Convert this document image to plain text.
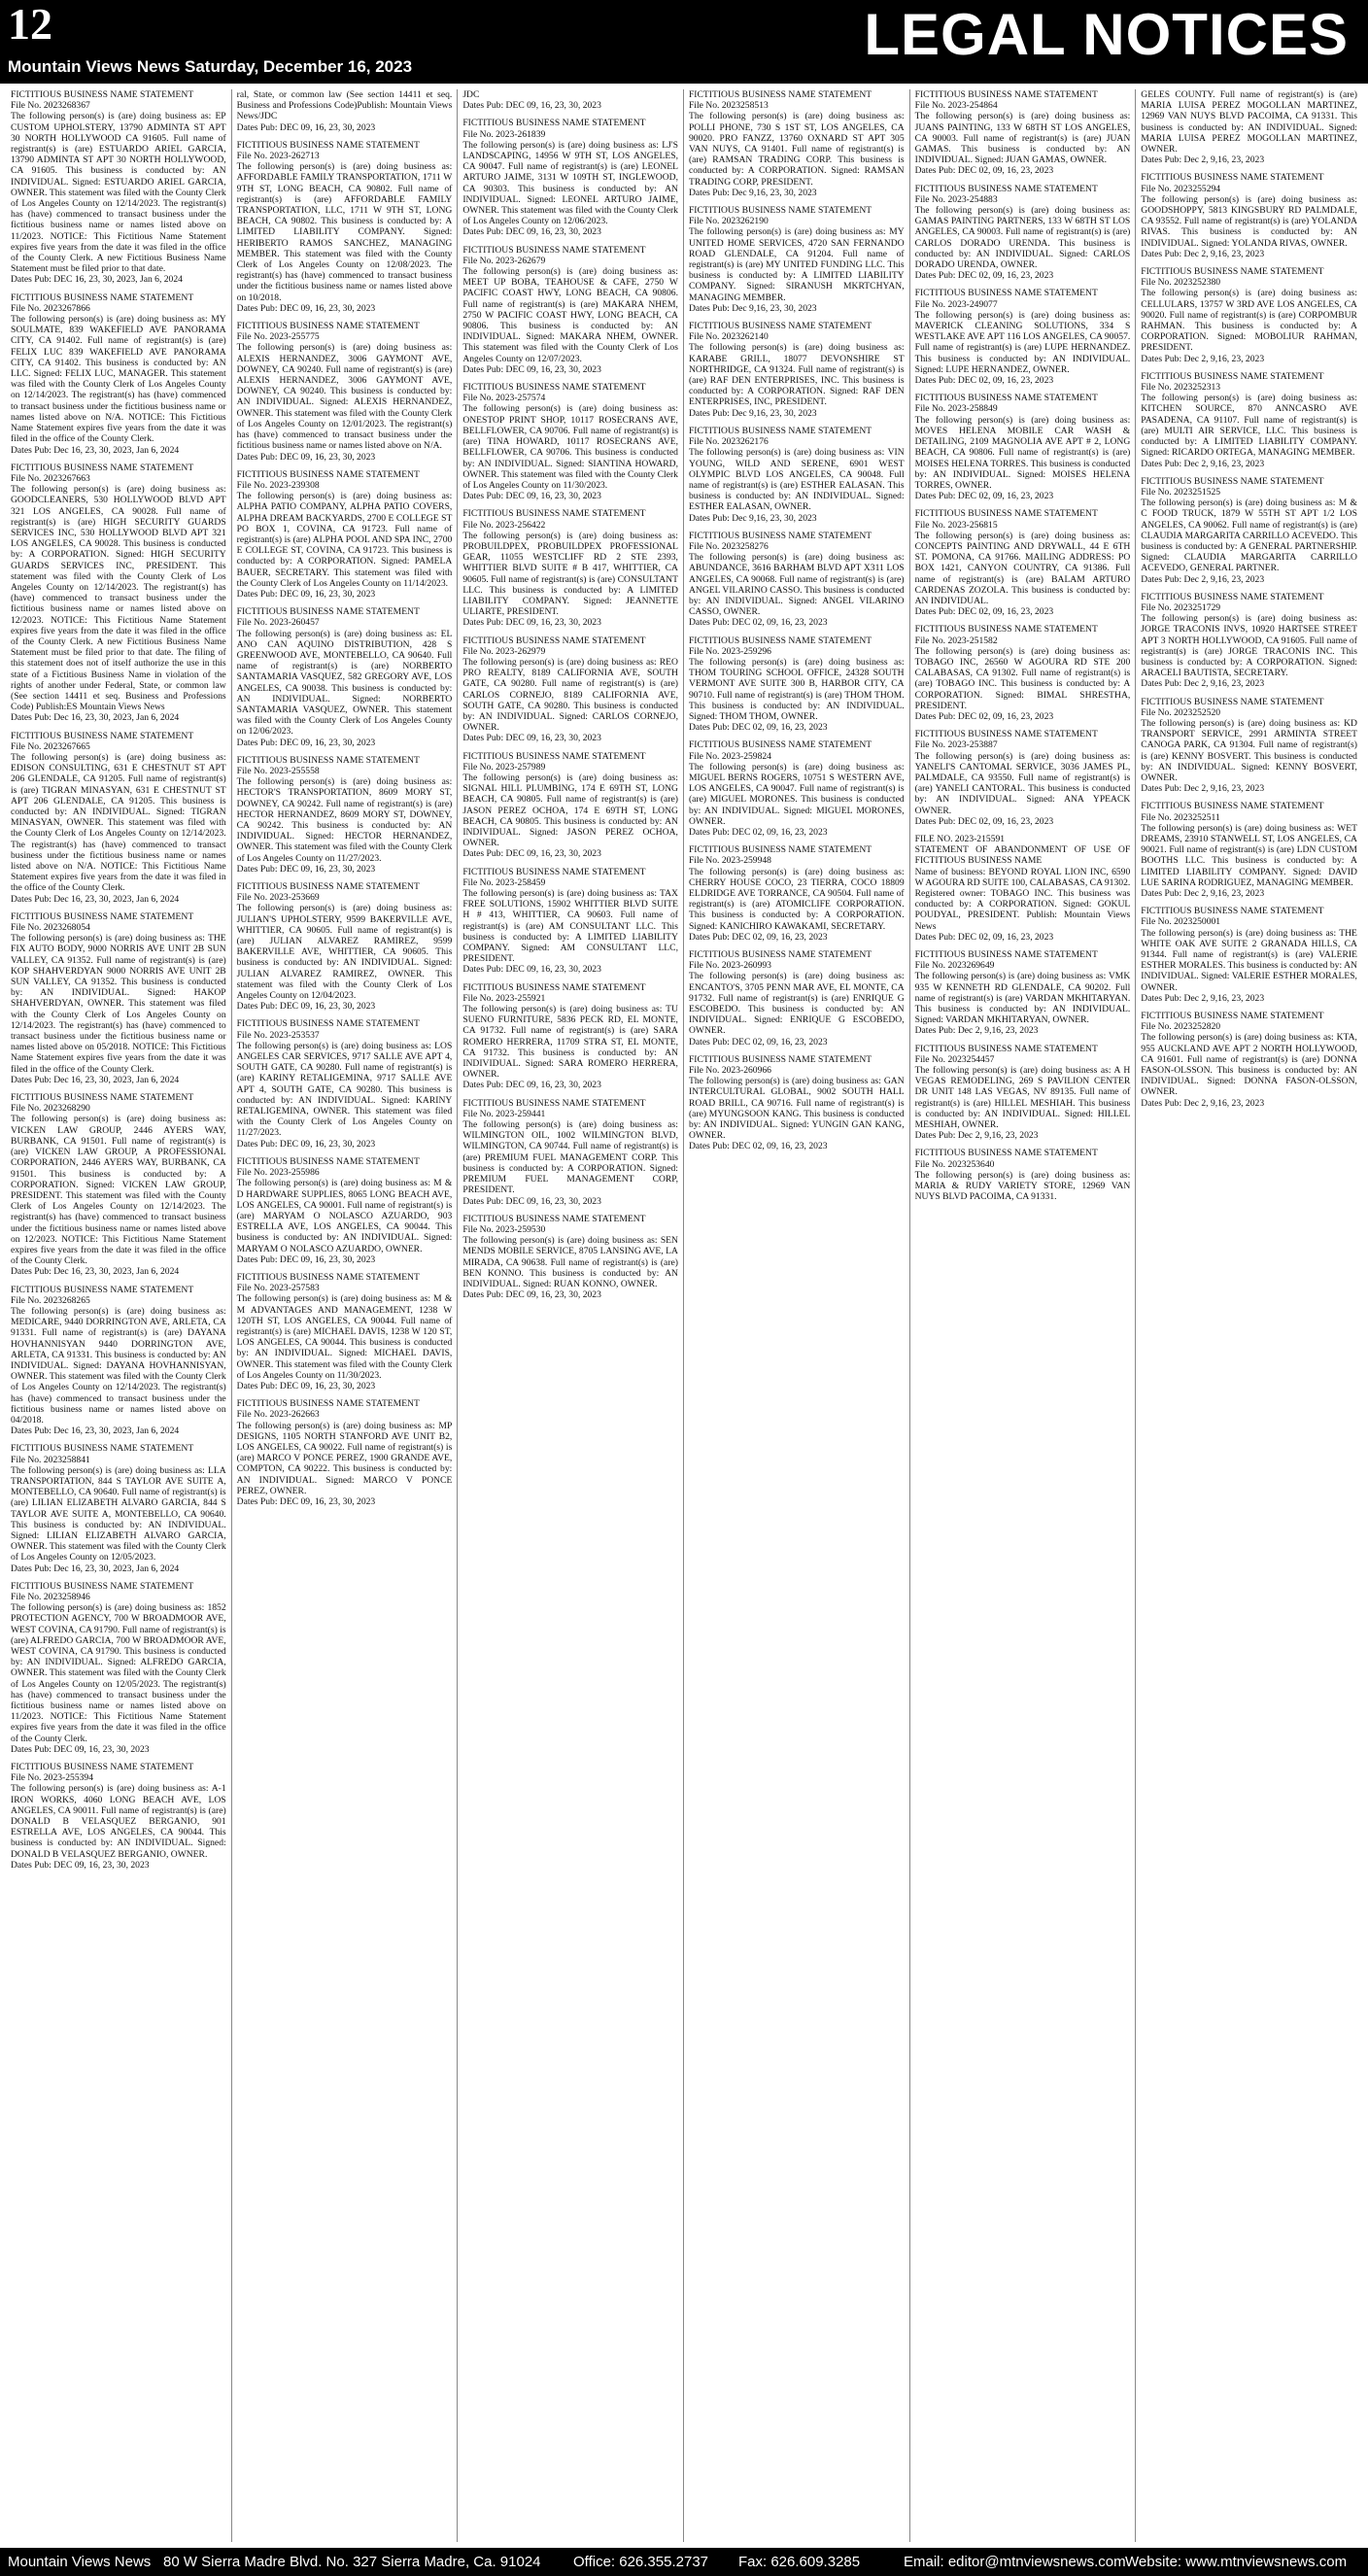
12	LEGAL NOTICES
Mountain Views News Saturday, December 16, 2023
FICTITIOUS BUSINESS NAME STATEMENT
File No. 2023268367
The following person(s) is (are) doing business as: EP CUSTOM UPHOLSTERY, 13790 ADMINTA ST APT 30 NORTH HOLLYWOOD CA 91605. Full name of registrant(s) is (are) ESTUARDO ARIEL GARCIA, 13790 ADMINTA ST APT 30 NORTH HOLLYWOOD, CA 91605. This business is conducted by: AN INDIVIDUAL. Signed: ESTUARDO ARIEL GARCIA, OWNER. This statement was filed with the County Clerk of Los Angeles County on 12/14/2023. The registrant(s) has (have) commenced to transact business under the fictitious business name or names listed above on 11/2023. NOTICE: This Fictitious Name Statement expires five years from the date it was filed in the office of the County Clerk. A new Fictitious Business Name Statement must be filed prior to that date.
Dates Pub: DEC 16, 23, 30, 2023, Jan 6, 2024
FICTITIOUS BUSINESS NAME STATEMENT
File No. 2023267866
The following person(s) is (are) doing business as: MY SOULMATE, 839 WAKEFIELD AVE PANORAMA CITY, CA 91402. Full name of registrant(s) is (are) FELIX LUC 839 WAKEFIELD AVE PANORAMA CITY, CA 91402. This business is conducted by: AN LLC. Signed: FELIX LUC, MANAGER. This statement was filed with the County Clerk of Los Angeles County on 12/14/2023. The registrant(s) has (have) commenced to transact business under the fictitious business name or names listed above on N/A. NOTICE: This Fictitious Name Statement expires five years from the date it was filed in the office of the County Clerk.
Dates Pub: Dec 16, 23, 30, 2023, Jan 6, 2024
FICTITIOUS BUSINESS NAME STATEMENT
File No. 2023267663
The following person(s) is (are) doing business as: GOODCLEANERS, 530 HOLLYWOOD BLVD APT 321 LOS ANGELES, CA 90028. Full name of registrant(s) is (are) HIGH SECURITY GUARDS SERVICES INC, 530 HOLLYWOOD BLVD APT 321 LOS ANGELES, CA 90028. This business is conducted by: A CORPORATION. Signed: HIGH SECURITY GUARDS SERVICES INC, PRESIDENT. This statement was filed with the County Clerk of Los Angeles County on 12/14/2023. The registrant(s) has (have) commenced to transact business under the fictitious business name or names listed above on 12/2023. NOTICE: This Fictitious Name Statement expires five years from the date it was filed in the office of the County Clerk. A new Fictitious Business Name Statement must be filed prior to that date. The filing of this statement does not of itself authorize the use in this state of a Fictitious Business Name in violation of the rights of another under Federal, State, or common law (See section 14411 et seq. Business and Professions Code) Publish:ES Mountain Views News
Dates Pub: Dec 16, 23, 30, 2023, Jan 6, 2024
FICTITIOUS BUSINESS NAME STATEMENT
File No. 2023267665
The following person(s) is (are) doing business as: EDISON CONSULTING, 631 E CHESTNUT ST APT 206 GLENDALE, CA 91205. Full name of registrant(s) is (are) TIGRAN MINASYAN, 631 E CHESTNUT ST APT 206 GLENDALE, CA 91205. This business is conducted by: AN INDIVIDUAL. Signed: TIGRAN MINASYAN, OWNER. This statement was filed with the County Clerk of Los Angeles County on 12/14/2023. The registrant(s) has (have) commenced to transact business under the fictitious business name or names listed above on N/A. NOTICE: This Fictitious Name Statement expires five years from the date it was filed in the office of the County Clerk.
Dates Pub: Dec 16, 23, 30, 2023, Jan 6, 2024
FICTITIOUS BUSINESS NAME STATEMENT
File No. 2023268054
The following person(s) is (are) doing business as: THE FIX AUTO BODY, 9000 NORRIS AVE UNIT 2B SUN VALLEY, CA 91352. Full name of registrant(s) is (are) KOP SHAHVERDYAN 9000 NORRIS AVE UNIT 2B SUN VALLEY, CA 91352. This business is conducted by: AN INDIVIDUAL. Signed: HAKOP SHAHVERDYAN, OWNER. This statement was filed with the County Clerk of Los Angeles County on 12/14/2023. The registrant(s) has (have) commenced to transact business under the fictitious business name or names listed above on 05/2018. NOTICE: This Fictitious Name Statement expires five years from the date it was filed in the office of the County Clerk.
Dates Pub: Dec 16, 23, 30, 2023, Jan 6, 2024
FICTITIOUS BUSINESS NAME STATEMENT
File No. 2023268290
The following person(s) is (are) doing business as: VICKEN LAW GROUP, 2446 AYERS WAY, BURBANK, CA 91501. Full name of registrant(s) is (are) VICKEN LAW GROUP, A PROFESSIONAL CORPORATION, 2446 AYERS WAY, BURBANK, CA 91501. This business is conducted by: A CORPORATION. Signed: VICKEN LAW GROUP, PRESIDENT. This statement was filed with the County Clerk of Los Angeles County on 12/14/2023. The registrant(s) has (have) commenced to transact business under the fictitious business name or names listed above on 12/2023. NOTICE: This Fictitious Name Statement expires five years from the date it was filed in the office of the County Clerk.
Dates Pub: Dec 16, 23, 30, 2023, Jan 6, 2024
FICTITIOUS BUSINESS NAME STATEMENT
File No. 2023268265
The following person(s) is (are) doing business as: MEDICARE, 9440 DORRINGTON AVE, ARLETA, CA 91331. Full name of registrant(s) is (are) DAYANA HOVHANNISYAN 9440 DORRINGTON AVE, ARLETA, CA 91331. This business is conducted by: AN INDIVIDUAL. Signed: DAYANA HOVHANNISYAN, OWNER. This statement was filed with the County Clerk of Los Angeles County on 12/14/2023. The registrant(s) has (have) commenced to transact business under the fictitious business name or names listed above on 04/2018.
Dates Pub: Dec 16, 23, 30, 2023, Jan 6, 2024
FICTITIOUS BUSINESS NAME STATEMENT
File No. 2023258841
The following person(s) is (are) doing business as: LLA TRANSPORTATION, 844 S TAYLOR AVE SUITE A, MONTEBELLO, CA 90640. Full name of registrant(s) is (are) LILIAN ELIZABETH ALVARO GARCIA, 844 S TAYLOR AVE SUITE A, MONTEBELLO, CA 90640. This business is conducted by: AN INDIVIDUAL. Signed: LILIAN ELIZABETH ALVARO GARCIA, OWNER. This statement was filed with the County Clerk of Los Angeles County on 12/05/2023.
Dates Pub: Dec 16, 23, 30, 2023, Jan 6, 2024
FICTITIOUS BUSINESS NAME STATEMENT
File No. 2023258946
The following person(s) is (are) doing business as: 1852 PROTECTION AGENCY, 700 W BROADMOOR AVE, WEST COVINA, CA 91790. Full name of registrant(s) is (are) ALFREDO GARCIA, 700 W BROADMOOR AVE, WEST COVINA, CA 91790. This business is conducted by: AN INDIVIDUAL. Signed: ALFREDO GARCIA, OWNER. This statement was filed with the County Clerk of Los Angeles County on 12/05/2023. The registrant(s) has (have) commenced to transact business under the fictitious business name or names listed above on 11/2023. NOTICE: This Fictitious Name Statement expires five years from the date it was filed in the office of the County Clerk.
Dates Pub: DEC 09, 16, 23, 30, 2023
FICTITIOUS BUSINESS NAME STATEMENT
File No. 2023-255394
The following person(s) is (are) doing business as: A-1 IRON WORKS, 4060 LONG BEACH AVE, LOS ANGELES, CA 90011. Full name of registrant(s) is (are) DONALD B VELASQUEZ BERGANIO, 901 ESTRELLA AVE, LOS ANGELES, CA 90044. This business is conducted by: AN INDIVIDUAL. Signed: DONALD B VELASQUEZ BERGANIO, OWNER.
Dates Pub: DEC 09, 16, 23, 30, 2023
ral, State, or common law (See section 14411 et seq. Business and Professions Code)Publish: Mountain Views News/JDC
Dates Pub: DEC 09, 16, 23, 30, 2023
FICTITIOUS BUSINESS NAME STATEMENT
File No. 2023-262713
The following person(s) is (are) doing business as: AFFORDABLE FAMILY TRANSPORTATION, 1711 W 9TH ST, LONG BEACH, CA 90802. Full name of registrant(s) is (are) AFFORDABLE FAMILY TRANSPORTATION, LLC, 1711 W 9TH ST, LONG BEACH, CA 90802. This business is conducted by: A LIMITED LIABILITY COMPANY. Signed: HERIBERTO RAMOS SANCHEZ, MANAGING MEMBER. This statement was filed with the County Clerk of Los Angeles County on 12/08/2023. The registrant(s) has (have) commenced to transact business under the fictitious business name or names listed above on 10/2018.
Dates Pub: DEC 09, 16, 23, 30, 2023
FICTITIOUS BUSINESS NAME STATEMENT
File No. 2023-255775
The following person(s) is (are) doing business as: ALEXIS HERNANDEZ, 3006 GAYMONT AVE, DOWNEY, CA 90240. Full name of registrant(s) is (are) ALEXIS HERNANDEZ, 3006 GAYMONT AVE, DOWNEY, CA 90240. This business is conducted by: AN INDIVIDUAL. Signed: ALEXIS HERNANDEZ, OWNER. This statement was filed with the County Clerk of Los Angeles County on 12/01/2023. The registrant(s) has (have) commenced to transact business under the fictitious business name or names listed above on N/A.
Dates Pub: DEC 09, 16, 23, 30, 2023
FICTITIOUS BUSINESS NAME STATEMENT
File No. 2023-239308
The following person(s) is (are) doing business as: ALPHA PATIO COMPANY, ALPHA PATIO COVERS, ALPHA DREAM BACKYARDS, 2700 E COLLEGE ST PO BOX 1, COVINA, CA 91723. Full name of registrant(s) is (are) ALPHA POOL AND SPA INC, 2700 E COLLEGE ST, COVINA, CA 91723. This business is conducted by: A CORPORATION. Signed: PAMELA BAUER, SECRETARY. This statement was filed with the County Clerk of Los Angeles County on 11/14/2023.
Dates Pub: DEC 09, 16, 23, 30, 2023
FICTITIOUS BUSINESS NAME STATEMENT
File No. 2023-260457
The following person(s) is (are) doing business as: EL ANO CAN AQUINO DISTRIBUTION, 428 S GREENWOOD AVE, MONTEBELLO, CA 90640. Full name of registrant(s) is (are) NORBERTO SANTAMARIA VASQUEZ, 582 GREGORY AVE, LOS ANGELES, CA 90038. This business is conducted by: AN INDIVIDUAL. Signed: NORBERTO SANTAMARIA VASQUEZ, OWNER. This statement was filed with the County Clerk of Los Angeles County on 12/06/2023.
Dates Pub: DEC 09, 16, 23, 30, 2023
FICTITIOUS BUSINESS NAME STATEMENT
File No. 2023-255558
The following person(s) is (are) doing business as: HECTOR'S TRANSPORTATION, 8609 MORY ST, DOWNEY, CA 90242. Full name of registrant(s) is (are) HECTOR HERNANDEZ, 8609 MORY ST, DOWNEY, CA 90242. This business is conducted by: AN INDIVIDUAL. Signed: HECTOR HERNANDEZ, OWNER. This statement was filed with the County Clerk of Los Angeles County on 11/27/2023.
Dates Pub: DEC 09, 16, 23, 30, 2023
FICTITIOUS BUSINESS NAME STATEMENT
File No. 2023-253669
The following person(s) is (are) doing business as: JULIAN'S UPHOLSTERY, 9599 BAKERVILLE AVE, WHITTIER, CA 90605. Full name of registrant(s) is (are) JULIAN ALVAREZ RAMIREZ, 9599 BAKERVILLE AVE, WHITTIER, CA 90605. This business is conducted by: AN INDIVIDUAL. Signed: JULIAN ALVAREZ RAMIREZ, OWNER. This statement was filed with the County Clerk of Los Angeles County on 12/04/2023.
Dates Pub: DEC 09, 16, 23, 30, 2023
FICTITIOUS BUSINESS NAME STATEMENT
File No. 2023-253537
The following person(s) is (are) doing business as: LOS ANGELES CAR SERVICES, 9717 SALLE AVE APT 4, SOUTH GATE, CA 90280. Full name of registrant(s) is (are) KARINY RETALIGEMINA, 9717 SALLE AVE APT 4, SOUTH GATE, CA 90280. This business is conducted by: AN INDIVIDUAL. Signed: KARINY RETALIGEMINA, OWNER. This statement was filed with the County Clerk of Los Angeles County on 11/27/2023.
Dates Pub: DEC 09, 16, 23, 30, 2023
FICTITIOUS BUSINESS NAME STATEMENT
File No. 2023-255986
The following person(s) is (are) doing business as: M & D HARDWARE SUPPLIES, 8065 LONG BEACH AVE, LOS ANGELES, CA 90001. Full name of registrant(s) is (are) MARYAM O NOLASCO AZUARDO, 903 ESTRELLA AVE, LOS ANGELES, CA 90044. This business is conducted by: AN INDIVIDUAL. Signed: MARYAM O NOLASCO AZUARDO, OWNER.
Dates Pub: DEC 09, 16, 23, 30, 2023
FICTITIOUS BUSINESS NAME STATEMENT
File No. 2023-257583
The following person(s) is (are) doing business as: M & M ADVANTAGES AND MANAGEMENT, 1238 W 120TH ST, LOS ANGELES, CA 90044. Full name of registrant(s) is (are) MICHAEL DAVIS, 1238 W 120 ST, LOS ANGELES, CA 90044. This business is conducted by: AN INDIVIDUAL. Signed: MICHAEL DAVIS, OWNER. This statement was filed with the County Clerk of Los Angeles County on 11/30/2023.
Dates Pub: DEC 09, 16, 23, 30, 2023
FICTITIOUS BUSINESS NAME STATEMENT
File No. 2023-262663
The following person(s) is (are) doing business as: MP DESIGNS, 1105 NORTH STANFORD AVE UNIT B2, LOS ANGELES, CA 90022. Full name of registrant(s) is (are) MARCO V PONCE PEREZ, 1900 GRANDE AVE, COMPTON, CA 90222. This business is conducted by: AN INDIVIDUAL. Signed: MARCO V PONCE PEREZ, OWNER.
Dates Pub: DEC 09, 16, 23, 30, 2023
JDC
Dates Pub: DEC 09, 16, 23, 30, 2023
FICTITIOUS BUSINESS NAME STATEMENT
File No. 2023-261839
The following person(s) is (are) doing business as: LJ'S LANDSCAPING, 14956 W 9TH ST, LOS ANGELES, CA 90047. Full name of registrant(s) is (are) LEONEL ARTURO JAIME, 3131 W 109TH ST, INGLEWOOD, CA 90303. This business is conducted by: AN INDIVIDUAL. Signed: LEONEL ARTURO JAIME, OWNER. This statement was filed with the County Clerk of Los Angeles County on 12/06/2023.
Dates Pub: DEC 09, 16, 23, 30, 2023
FICTITIOUS BUSINESS NAME STATEMENT
File No. 2023-262679
The following person(s) is (are) doing business as: MEET UP BOBA, TEAHOUSE & CAFE, 2750 W PACIFIC COAST HWY, LONG BEACH, CA 90806. Full name of registrant(s) is (are) MAKARA NHEM, 2750 W PACIFIC COAST HWY, LONG BEACH, CA 90806. This business is conducted by: AN INDIVIDUAL. Signed: MAKARA NHEM, OWNER. This statement was filed with the County Clerk of Los Angeles County on 12/07/2023.
Dates Pub: DEC 09, 16, 23, 30, 2023
FICTITIOUS BUSINESS NAME STATEMENT
File No. 2023-257574
The following person(s) is (are) doing business as: ONESTOP PRINT SHOP, 10117 ROSECRANS AVE, BELLFLOWER, CA 90706. Full name of registrant(s) is (are) TINA HOWARD, 10117 ROSECRANS AVE, BELLFLOWER, CA 90706. This business is conducted by: AN INDIVIDUAL. Signed: SIANTINA HOWARD, OWNER. This statement was filed with the County Clerk of Los Angeles County on 11/30/2023.
Dates Pub: DEC 09, 16, 23, 30, 2023
FICTITIOUS BUSINESS NAME STATEMENT
File No. 2023-256422
The following person(s) is (are) doing business as: PROBUILDPEX, PROBUILDPEX PROFESSIONAL GEAR, 11055 WESTCLIFF RD 2 STE 2393, WHITTIER BLVD SUITE # B 417, WHITTIER, CA 90605. Full name of registrant(s) is (are) CONSULTANT LLC. This business is conducted by: A LIMITED LIABILITY COMPANY. Signed: JEANNETTE ULIARTE, PRESIDENT.
Dates Pub: DEC 09, 16, 23, 30, 2023
FICTITIOUS BUSINESS NAME STATEMENT
File No. 2023-262979
The following person(s) is (are) doing business as: REO PRO REALTY, 8189 CALIFORNIA AVE, SOUTH GATE, CA 90280. Full name of registrant(s) is (are) CARLOS CORNEJO, 8189 CALIFORNIA AVE, SOUTH GATE, CA 90280. This business is conducted by: AN INDIVIDUAL. Signed: CARLOS CORNEJO, OWNER.
Dates Pub: DEC 09, 16, 23, 30, 2023
FICTITIOUS BUSINESS NAME STATEMENT
File No. 2023-257989
The following person(s) is (are) doing business as: SIGNAL HILL PLUMBING, 174 E 69TH ST, LONG BEACH, CA 90805. Full name of registrant(s) is (are) JASON PEREZ OCHOA, 174 E 69TH ST, LONG BEACH, CA 90805. This business is conducted by: AN INDIVIDUAL. Signed: JASON PEREZ OCHOA, OWNER.
Dates Pub: DEC 09, 16, 23, 30, 2023
FICTITIOUS BUSINESS NAME STATEMENT
File No. 2023-258459
The following person(s) is (are) doing business as: TAX FREE SOLUTIONS, 15902 WHITTIER BLVD SUITE H # 413, WHITTIER, CA 90603. Full name of registrant(s) is (are) AM CONSULTANT LLC. This business is conducted by: A LIMITED LIABILITY COMPANY. Signed: AM CONSULTANT LLC, PRESIDENT.
Dates Pub: DEC 09, 16, 23, 30, 2023
FICTITIOUS BUSINESS NAME STATEMENT
File No. 2023-255921
The following person(s) is (are) doing business as: TU SUENO FURNITURE, 5836 PECK RD, EL MONTE, CA 91732. Full name of registrant(s) is (are) SARA ROMERO HERRERA, 11709 STRA ST, EL MONTE, CA 91732. This business is conducted by: AN INDIVIDUAL. Signed: SARA ROMERO HERRERA, OWNER.
Dates Pub: DEC 09, 16, 23, 30, 2023
FICTITIOUS BUSINESS NAME STATEMENT
File No. 2023-259441
The following person(s) is (are) doing business as: WILMINGTON OIL, 1002 WILMINGTON BLVD, WILMINGTON, CA 90744. Full name of registrant(s) is (are) PREMIUM FUEL MANAGEMENT CORP. This business is conducted by: A CORPORATION. Signed: PREMIUM FUEL MANAGEMENT CORP, PRESIDENT.
Dates Pub: DEC 09, 16, 23, 30, 2023
FICTITIOUS BUSINESS NAME STATEMENT
File No. 2023-259530
The following person(s) is (are) doing business as: SEN MENDS MOBILE SERVICE, 8705 LANSING AVE, LA MIRADA, CA 90638. Full name of registrant(s) is (are) BEN KONNO. This business is conducted by: AN INDIVIDUAL. Signed: RUAN KONNO, OWNER.
Dates Pub: DEC 09, 16, 23, 30, 2023
FICTITIOUS BUSINESS NAME STATEMENT
File No. 2023258513
The following person(s) is (are) doing business as: POLLI PHONE, 730 S 1ST ST, LOS ANGELES, CA 90020. PRO FANZZ, 13760 OXNARD ST APT 305 VAN NUYS, CA 91401. Full name of registrant(s) is (are) RAMSAN TRADING CORP. This business is conducted by: A CORPORATION. Signed: RAMSAN TRADING CORP, PRESIDENT.
Dates Pub: Dec 9,16, 23, 30, 2023
FICTITIOUS BUSINESS NAME STATEMENT
File No. 2023262190
The following person(s) is (are) doing business as: MY UNITED HOME SERVICES, 4720 SAN FERNANDO ROAD GLENDALE, CA 91204. Full name of registrant(s) is (are) MY UNITED FUNDING LLC. This business is conducted by: A LIMITED LIABILITY COMPANY. Signed: SIRANUSH MKRTCHYAN, MANAGING MEMBER.
Dates Pub: Dec 9,16, 23, 30, 2023
FICTITIOUS BUSINESS NAME STATEMENT
File No. 2023262140
The following person(s) is (are) doing business as: KARABE GRILL, 18077 DEVONSHIRE ST NORTHRIDGE, CA 91324. Full name of registrant(s) is (are) RAF DEN ENTERPRISES, INC. This business is conducted by: A CORPORATION. Signed: RAF DEN ENTERPRISES, INC, PRESIDENT.
Dates Pub: Dec 9,16, 23, 30, 2023
FICTITIOUS BUSINESS NAME STATEMENT
File No. 2023262176
The following person(s) is (are) doing business as: VIN YOUNG, WILD AND SERENE, 6901 WEST OLYMPIC BLVD LOS ANGELES, CA 90048. Full name of registrant(s) is (are) ESTHER EALASAN. This business is conducted by: AN INDIVIDUAL. Signed: ESTHER EALASAN, OWNER.
Dates Pub: Dec 9,16, 23, 30, 2023
FICTITIOUS BUSINESS NAME STATEMENT
File No. 2023258276
The following person(s) is (are) doing business as: ABUNDANCE, 3616 BARHAM BLVD APT X311 LOS ANGELES, CA 90068. Full name of registrant(s) is (are) ANGEL VILARINO CASSO. This business is conducted by: AN INDIVIDUAL. Signed: ANGEL VILARINO CASSO, OWNER.
Dates Pub: DEC 02, 09, 16, 23, 2023
FICTITIOUS BUSINESS NAME STATEMENT
File No. 2023-259296
The following person(s) is (are) doing business as: THOM TOURING SCHOOL OFFICE, 24328 SOUTH VERMONT AVE SUITE 300 B, HARBOR CITY, CA 90710. Full name of registrant(s) is (are) THOM THOM. This business is conducted by: AN INDIVIDUAL. Signed: THOM THOM, OWNER.
Dates Pub: DEC 02, 09, 16, 23, 2023
FICTITIOUS BUSINESS NAME STATEMENT
File No. 2023-259824
The following person(s) is (are) doing business as: MIGUEL BERNS ROGERS, 10751 S WESTERN AVE, LOS ANGELES, CA 90047. Full name of registrant(s) is (are) MIGUEL MORONES. This business is conducted by: AN INDIVIDUAL. Signed: MIGUEL MORONES, OWNER.
Dates Pub: DEC 02, 09, 16, 23, 2023
FICTITIOUS BUSINESS NAME STATEMENT
File No. 2023-259948
The following person(s) is (are) doing business as: CHERRY HOUSE COCO, 23 TIERRA, COCO 18809 ELDRIDGE AVE TORRANCE, CA 90504. Full name of registrant(s) is (are) ATOMICLIFE CORPORATION. This business is conducted by: A CORPORATION. Signed: KANICHIRO KAWAKAMI, SECRETARY.
Dates Pub: DEC 02, 09, 16, 23, 2023
FICTITIOUS BUSINESS NAME STATEMENT
File No. 2023-260993
The following person(s) is (are) doing business as: ENCANTO'S, 3705 PENN MAR AVE, EL MONTE, CA 91732. Full name of registrant(s) is (are) ENRIQUE G ESCOBEDO. This business is conducted by: AN INDIVIDUAL. Signed: ENRIQUE G ESCOBEDO, OWNER.
Dates Pub: DEC 02, 09, 16, 23, 2023
FICTITIOUS BUSINESS NAME STATEMENT
File No. 2023-260966
The following person(s) is (are) doing business as: GAN INTERCULTURAL GLOBAL, 9002 SOUTH HALL ROAD BRILL, CA 90716. Full name of registrant(s) is (are) MYUNGSOON KANG. This business is conducted by: AN INDIVIDUAL. Signed: YUNGIN GAN KANG, OWNER.
Dates Pub: DEC 02, 09, 16, 23, 2023
FICTITIOUS BUSINESS NAME STATEMENT
File No. 2023-254864
The following person(s) is (are) doing business as: JUANS PAINTING, 133 W 68TH ST LOS ANGELES, CA 90003. Full name of registrant(s) is (are) JUAN GAMAS. This business is conducted by: AN INDIVIDUAL. Signed: JUAN GAMAS, OWNER.
Dates Pub: DEC 02, 09, 16, 23, 2023
FICTITIOUS BUSINESS NAME STATEMENT
File No. 2023-254883
The following person(s) is (are) doing business as: GAMAS PAINTING PARTNERS, 133 W 68TH ST LOS ANGELES, CA 90003. Full name of registrant(s) is (are) CARLOS DORADO URENDA. This business is conducted by: AN INDIVIDUAL. Signed: CARLOS DORADO URENDA, OWNER.
Dates Pub: DEC 02, 09, 16, 23, 2023
FICTITIOUS BUSINESS NAME STATEMENT
File No. 2023-249077
The following person(s) is (are) doing business as: MAVERICK CLEANING SOLUTIONS, 334 S WESTLAKE AVE APT 116 LOS ANGELES, CA 90057. Full name of registrant(s) is (are) LUPE HERNANDEZ. This business is conducted by: AN INDIVIDUAL. Signed: LUPE HERNANDEZ, OWNER.
Dates Pub: DEC 02, 09, 16, 23, 2023
FICTITIOUS BUSINESS NAME STATEMENT
File No. 2023-258849
The following person(s) is (are) doing business as: MOVES HELENA MOBILE CAR WASH & DETAILING, 2109 MAGNOLIA AVE APT # 2, LONG BEACH, CA 90806. Full name of registrant(s) is (are) MOISES HELENA TORRES. This business is conducted by: AN INDIVIDUAL. Signed: MOISES HELENA TORRES, OWNER.
Dates Pub: DEC 02, 09, 16, 23, 2023
FICTITIOUS BUSINESS NAME STATEMENT
File No. 2023-256815
The following person(s) is (are) doing business as: CONCEPTS PAINTING AND DRYWALL, 44 E 6TH ST. POMONA, CA 91766. MAILING ADDRESS: PO BOX 1421, CANYON COUNTRY, CA 91386. Full name of registrant(s) is (are) BALAM ARTURO CARDENAS ZOZOLA. This business is conducted by: AN INDIVIDUAL.
Dates Pub: DEC 02, 09, 16, 23, 2023
FICTITIOUS BUSINESS NAME STATEMENT
File No. 2023-251582
The following person(s) is (are) doing business as: TOBAGO INC, 26560 W AGOURA RD STE 200 CALABASAS, CA 91302. Full name of registrant(s) is (are) TOBAGO INC. This business is conducted by: A CORPORATION. Signed: BIMAL SHRESTHA, PRESIDENT.
Dates Pub: DEC 02, 09, 16, 23, 2023
FICTITIOUS BUSINESS NAME STATEMENT
File No. 2023-253887
The following person(s) is (are) doing business as: YANELI'S CANTOMAL SERVICE, 3036 JAMES PL, PALMDALE, CA 93550. Full name of registrant(s) is (are) YANELI CANTORAL. This business is conducted by: AN INDIVIDUAL. Signed: ANA YPEACK OWNER.
Dates Pub: DEC 02, 09, 16, 23, 2023
FILE NO. 2023-215591
STATEMENT OF ABANDONMENT OF USE OF FICTITIOUS BUSINESS NAME
Name of business: BEYOND ROYAL LION INC, 6590 W AGOURA RD SUITE 100, CALABASAS, CA 91302. Registered owner: TOBAGO INC. This business was conducted by: A CORPORATION. Signed: GOKUL POUDYAL, PRESIDENT. Publish: Mountain Views News
Dates Pub: DEC 02, 09, 16, 23, 2023
FICTITIOUS BUSINESS NAME STATEMENT
File No. 2023269649
The following person(s) is (are) doing business as: VMK 935 W KENNETH RD GLENDALE, CA 90202. Full name of registrant(s) is (are) VARDAN MKHITARYAN. This business is conducted by: AN INDIVIDUAL. Signed: VARDAN MKHITARYAN, OWNER.
Dates Pub: Dec 2, 9,16, 23, 2023
FICTITIOUS BUSINESS NAME STATEMENT
File No. 2023254457
The following person(s) is (are) doing business as: A H VEGAS REMODELING, 269 S PAVILION CENTER DR UNIT 148 LAS VEGAS, NV 89135. Full name of registrant(s) is (are) HILLEL MESHIAH. This business is conducted by: AN INDIVIDUAL. Signed: HILLEL MESHIAH, OWNER.
Dates Pub: Dec 2, 9,16, 23, 2023
FICTITIOUS BUSINESS NAME STATEMENT
File No. 2023253640
The following person(s) is (are) doing business as: MARIA & RUDY VARIETY STORE, 12969 VAN NUYS BLVD PACOIMA, CA 91331.
GELES COUNTY. Full name of registrant(s) is (are) MARIA LUISA PEREZ MOGOLLAN MARTINEZ, 12969 VAN NUYS BLVD PACOIMA, CA 91331. This business is conducted by: AN INDIVIDUAL. Signed: MARIA LUISA PEREZ MOGOLLAN MARTINEZ, OWNER.
Dates Pub: Dec 2, 9,16, 23, 2023
FICTITIOUS BUSINESS NAME STATEMENT
File No. 2023255294
The following person(s) is (are) doing business as: GOODSHOPPY, 5813 KINGSBURY RD PALMDALE, CA 93552. Full name of registrant(s) is (are) YOLANDA RIVAS. This business is conducted by: AN INDIVIDUAL. Signed: YOLANDA RIVAS, OWNER.
Dates Pub: Dec 2, 9,16, 23, 2023
FICTITIOUS BUSINESS NAME STATEMENT
File No. 2023252380
The following person(s) is (are) doing business as: CELLULARS, 13757 W 3RD AVE LOS ANGELES, CA 90020. Full name of registrant(s) is (are) CORPOMBUR RAHMAN. This business is conducted by: A CORPORATION. Signed: MOBOLIUR RAHMAN, PRESIDENT.
Dates Pub: Dec 2, 9,16, 23, 2023
FICTITIOUS BUSINESS NAME STATEMENT
File No. 2023252313
The following person(s) is (are) doing business as: KITCHEN SOURCE, 870 ANNCASRO AVE PASADENA, CA 91107. Full name of registrant(s) is (are) MULTI AIR SERVICE, LLC. This business is conducted by: A LIMITED LIABILITY COMPANY. Signed: RICARDO ORTEGA, MANAGING MEMBER.
Dates Pub: Dec 2, 9,16, 23, 2023
FICTITIOUS BUSINESS NAME STATEMENT
File No. 2023251525
The following person(s) is (are) doing business as: M & C FOOD TRUCK, 1879 W 55TH ST APT 1/2 LOS ANGELES, CA 90062. Full name of registrant(s) is (are) CLAUDIA MARGARITA CARRILLO ACEVEDO. This business is conducted by: A GENERAL PARTNERSHIP. Signed: CLAUDIA MARGARITA CARRILLO ACEVEDO, GENERAL PARTNER.
Dates Pub: Dec 2, 9,16, 23, 2023
FICTITIOUS BUSINESS NAME STATEMENT
File No. 2023251729
The following person(s) is (are) doing business as: JORGE TRACONIS INVS, 10920 HARTSEE STREET APT 3 NORTH HOLLYWOOD, CA 91605. Full name of registrant(s) is (are) JORGE TRACONIS INC. This business is conducted by: A CORPORATION. Signed: ARACELI BAUTISTA, SECRETARY.
Dates Pub: Dec 2, 9,16, 23, 2023
FICTITIOUS BUSINESS NAME STATEMENT
File No. 2023252520
The following person(s) is (are) doing business as: KD TRANSPORT SERVICE, 2991 ARMINTA STREET CANOGA PARK, CA 91304. Full name of registrant(s) is (are) KENNY BOSVERT. This business is conducted by: AN INDIVIDUAL. Signed: KENNY BOSVERT, OWNER.
Dates Pub: Dec 2, 9,16, 23, 2023
FICTITIOUS BUSINESS NAME STATEMENT
File No. 2023252511
The following person(s) is (are) doing business as: WET DREAMS, 23910 STANWELL ST, LOS ANGELES, CA 90021. Full name of registrant(s) is (are) LDN CUSTOM BOOTHS LLC. This business is conducted by: A LIMITED LIABILITY COMPANY. Signed: DAVID LUE SARINA RODRIGUEZ, MANAGING MEMBER.
Dates Pub: Dec 2, 9,16, 23, 2023
FICTITIOUS BUSINESS NAME STATEMENT
File No. 2023250001
The following person(s) is (are) doing business as: THE WHITE OAK AVE SUITE 2 GRANADA HILLS, CA 91344. Full name of registrant(s) is (are) VALERIE ESTHER MORALES. This business is conducted by: AN INDIVIDUAL. Signed: VALERIE ESTHER MORALES, OWNER.
Dates Pub: Dec 2, 9,16, 23, 2023
FICTITIOUS BUSINESS NAME STATEMENT
File No. 2023252820
The following person(s) is (are) doing business as: KTA, 955 AUCKLAND AVE APT 2 NORTH HOLLYWOOD, CA 91601. Full name of registrant(s) is (are) DONNA FASON-OLSSON. This business is conducted by: AN INDIVIDUAL. Signed: DONNA FASON-OLSSON, OWNER.
Dates Pub: Dec 2, 9,16, 23, 2023
Mountain Views News 80 W Sierra Madre Blvd. No. 327 Sierra Madre, Ca. 91024 Office: 626.355.2737 Fax: 626.609.3285	Email: editor@mtnviewsnews.com Website: www.mtnviewsnews.com
